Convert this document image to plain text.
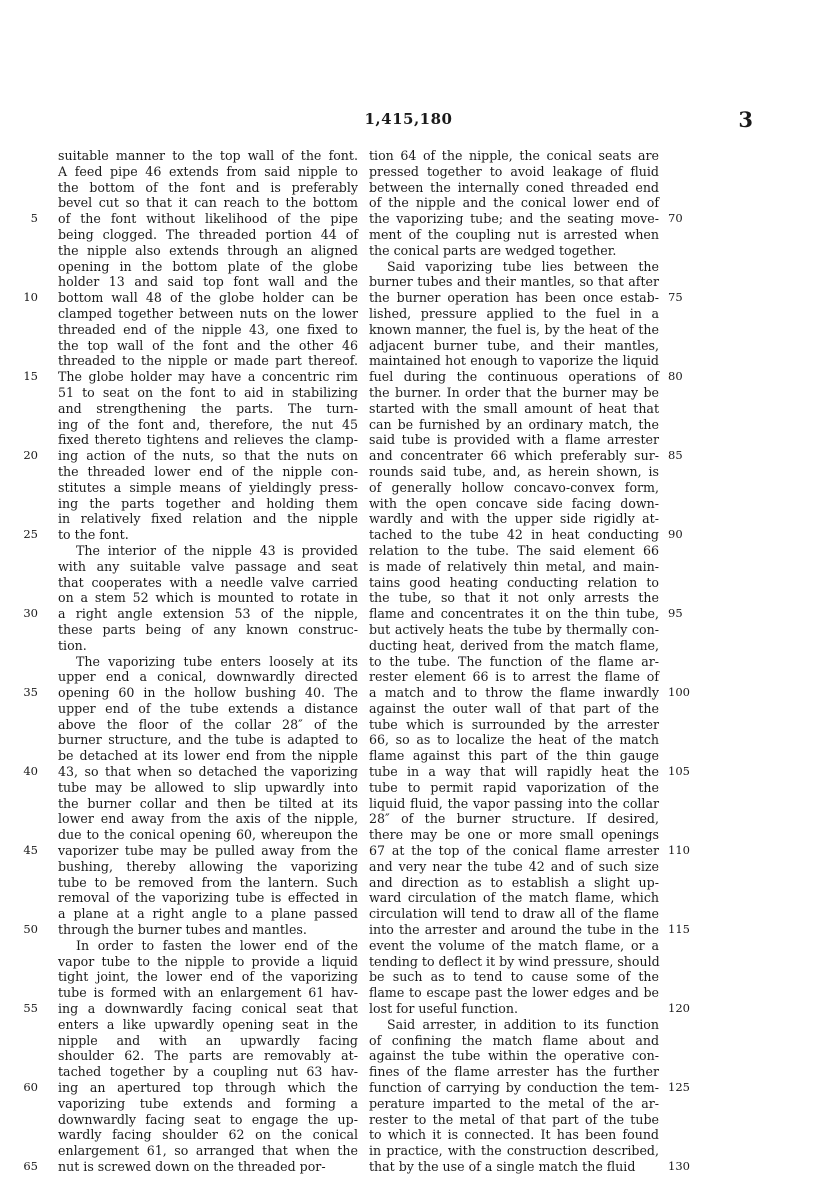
1,415,180	3
suitable manner to the top wall of the font.
A feed pipe 46 extends from said nipple to
the bottom of the font and is preferably
bevel cut so that it can reach to the bottom
of the font without likelihood of the pipe
being clogged. The threaded portion 44 of
the nipple also extends through an aligned
opening in the bottom plate of the globe
holder 13 and said top font wall and the
bottom wall 48 of the globe holder can be
clamped together between nuts on the lower
threaded end of the nipple 43, one fixed to
the top wall of the font and the other 46
threaded to the nipple or made part thereof.
The globe holder may have a concentric rim
51 to seat on the font to aid in stabilizing
and strengthening the parts. The turn-
ing of the font and, therefore, the nut 45
fixed thereto tightens and relieves the clamp-
ing action of the nuts, so that the nuts on
the threaded lower end of the nipple con-
stitutes a simple means of yieldingly press-
ing the parts together and holding them
in relatively fixed relation and the nipple
to the font.
The interior of the nipple 43 is provided
with any suitable valve passage and seat
that cooperates with a needle valve carried
on a stem 52 which is mounted to rotate in
a right angle extension 53 of the nipple,
these parts being of any known construc-
tion.
The vaporizing tube enters loosely at its
upper end a conical, downwardly directed
opening 60 in the hollow bushing 40. The
upper end of the tube extends a distance
above the floor of the collar 28″ of the
burner structure, and the tube is adapted to
be detached at its lower end from the nipple
43, so that when so detached the vaporizing
tube may be allowed to slip upwardly into
the burner collar and then be tilted at its
lower end away from the axis of the nipple,
due to the conical opening 60, whereupon the
vaporizer tube may be pulled away from the
bushing, thereby allowing the vaporizing
tube to be removed from the lantern. Such
removal of the vaporizing tube is effected in
a plane at a right angle to a plane passed
through the burner tubes and mantles.
In order to fasten the lower end of the
vapor tube to the nipple to provide a liquid
tight joint, the lower end of the vaporizing
tube is formed with an enlargement 61 hav-
ing a downwardly facing conical seat that
enters a like upwardly opening seat in the
nipple and with an upwardly facing
shoulder 62. The parts are removably at-
tached together by a coupling nut 63 hav-
ing an apertured top through which the
vaporizing tube extends and forming a
downwardly facing seat to engage the up-
wardly facing shoulder 62 on the conical
enlargement 61, so arranged that when the
nut is screwed down on the threaded por-
tion 64 of the nipple, the conical seats are
pressed together to avoid leakage of fluid
between the internally coned threaded end
of the nipple and the conical lower end of
the vaporizing tube; and the seating move-
ment of the coupling nut is arrested when
the conical parts are wedged together.
Said vaporizing tube lies between the
burner tubes and their mantles, so that after
the burner operation has been once estab-
lished, pressure applied to the fuel in a
known manner, the fuel is, by the heat of the
adjacent burner tube, and their mantles,
maintained hot enough to vaporize the liquid
fuel during the continuous operations of
the burner. In order that the burner may be
started with the small amount of heat that
can be furnished by an ordinary match, the
said tube is provided with a flame arrester
and concentrater 66 which preferably sur-
rounds said tube, and, as herein shown, is
of generally hollow concavo-convex form,
with the open concave side facing down-
wardly and with the upper side rigidly at-
tached to the tube 42 in heat conducting
relation to the tube. The said element 66
is made of relatively thin metal, and main-
tains good heating conducting relation to
the tube, so that it not only arrests the
flame and concentrates it on the thin tube,
but actively heats the tube by thermally con-
ducting heat, derived from the match flame,
to the tube. The function of the flame ar-
rester element 66 is to arrest the flame of
a match and to throw the flame inwardly
against the outer wall of that part of the
tube which is surrounded by the arrester
66, so as to localize the heat of the match
flame against this part of the thin gauge
tube in a way that will rapidly heat the
tube to permit rapid vaporization of the
liquid fluid, the vapor passing into the collar
28″ of the burner structure. If desired,
there may be one or more small openings
67 at the top of the conical flame arrester
and very near the tube 42 and of such size
and direction as to establish a slight up-
ward circulation of the match flame, which
circulation will tend to draw all of the flame
into the arrester and around the tube in the
event the volume of the match flame, or a
tending to deflect it by wind pressure, should
be such as to tend to cause some of the
flame to escape past the lower edges and be
lost for useful function.
Said arrester, in addition to its function
of confining the match flame about and
against the tube within the operative con-
fines of the flame arrester has the further
function of carrying by conduction the tem-
perature imparted to the metal of the ar-
rester to the metal of that part of the tube
to which it is connected. It has been found
in practice, with the construction described,
that by the use of a single match the fluid
5
10
15
20
25
30
35
40
45
50
55
60
65
70
75
80
85
90
95
100
105
110
115
120
125
130
